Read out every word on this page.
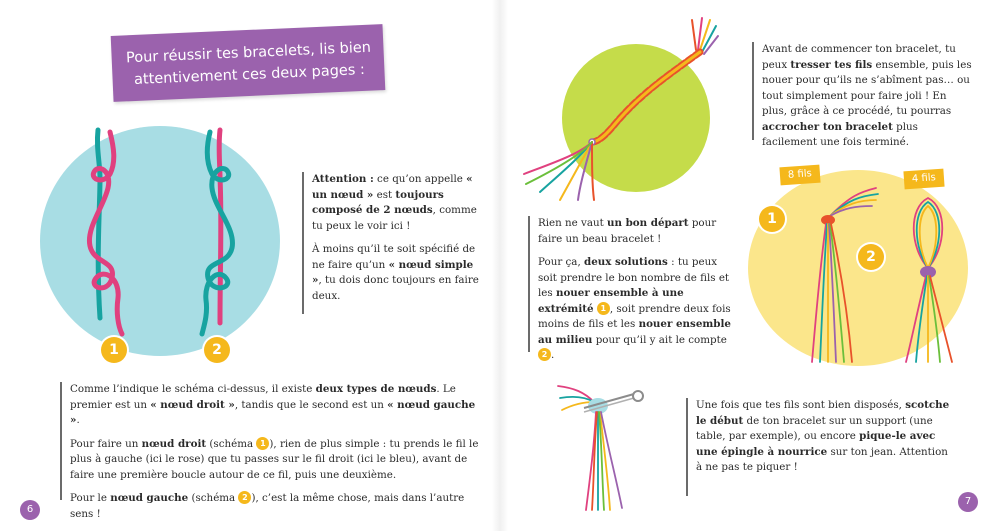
Pour réussir tes bracelets, lis bien attentivement ces deux pages :
1	2

Attention : ce qu’on appelle « un nœud » est toujours composé de 2 nœuds, comme tu peux le voir ici !

À moins qu’il te soit spécifié de ne faire qu’un « nœud simple », tu dois donc toujours en faire deux.

Comme l’indique le schéma ci-dessus, il existe deux types de nœuds. Le premier est un « nœud droit », tandis que le second est un « nœud gauche ».

Pour faire un nœud droit (schéma 1 ), rien de plus simple : tu prends le fil le plus à gauche (ici le rose) que tu passes sur le fil droit (ici le bleu), avant de faire une première boucle autour de ce fil, puis une deuxième.

Pour le nœud gauche (schéma 2 ), c’est la même chose, mais dans l’autre sens !

6

Avant de commencer ton bracelet, tu peux tresser tes fils ensemble, puis les nouer pour qu’ils ne s’abîment pas… ou tout simplement pour faire joli ! En plus, grâce à ce procédé, tu pourras accrocher ton bracelet plus facilement une fois terminé.

Rien ne vaut un bon départ pour faire un beau bracelet !

Pour ça, deux solutions : tu peux soit prendre le bon nombre de fils et les nouer ensemble à une extrémité 1 , soit prendre deux fois moins de fils et les nouer ensemble au milieu pour qu’il y ait le compte 2 .

8 fils	4 fils
1
2

Une fois que tes fils sont bien disposés, scotche le début de ton bracelet sur un support (une table, par exemple), ou encore pique-le avec une épingle à nourrice sur ton jean. Attention à ne pas te piquer !

7
